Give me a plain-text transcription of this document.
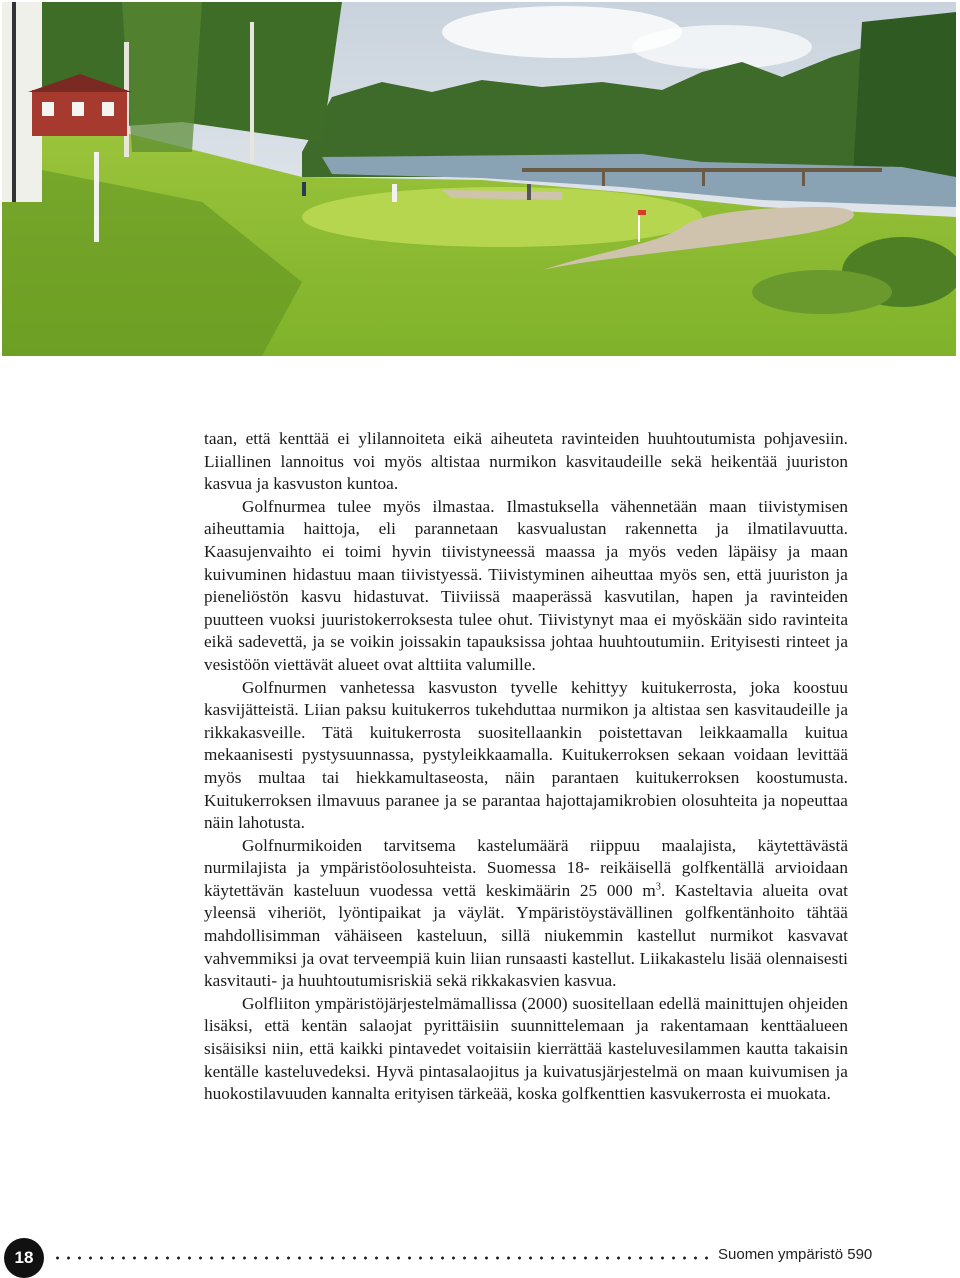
taan, että kenttää ei ylilannoiteta eikä aiheuteta ravinteiden huuhtoutumista pohjavesiin. Liiallinen lannoitus voi myös altistaa nurmikon kasvitaudeille sekä heikentää juuriston kasvua ja kasvuston kuntoa.

Golfnurmea tulee myös ilmastaa. Ilmastuksella vähennetään maan tiivistymisen aiheuttamia haittoja, eli parannetaan kasvualustan rakennetta ja ilmatilavuutta. Kaasujenvaihto ei toimi hyvin tiivistyneessä maassa ja myös veden läpäisy ja maan kuivuminen hidastuu maan tiivistyessä. Tiivistyminen aiheuttaa myös sen, että juuriston ja pieneliöstön kasvu hidastuvat. Tiiviissä maaperässä kasvutilan, hapen ja ravinteiden puutteen vuoksi juuristokerroksesta tulee ohut. Tiivistynyt maa ei myöskään sido ravinteita eikä sadevettä, ja se voikin joissakin tapauksissa johtaa huuhtoutumiin. Erityisesti rinteet ja vesistöön viettävät alueet ovat alttiita valumille.

Golfnurmen vanhetessa kasvuston tyvelle kehittyy kuitukerrosta, joka koostuu kasvijätteistä. Liian paksu kuitukerros tukehduttaa nurmikon ja altistaa sen kasvitaudeille ja rikkakasveille. Tätä kuitukerrosta suositellaankin poistettavan leikkaamalla kuitua mekaanisesti pystysuunnassa, pystyleikkaamalla. Kuitukerroksen sekaan voidaan levittää myös multaa tai hiekkamultaseosta, näin parantaen kuitukerroksen koostumusta. Kuitukerroksen ilmavuus paranee ja se parantaa hajottajamikrobien olosuhteita ja nopeuttaa näin lahotusta.

Golfnurmikoiden tarvitsema kastelumäärä riippuu maalajista, käytettävästä nurmilajista ja ympäristöolosuhteista. Suomessa 18- reikäisellä golfkentällä arvioidaan käytettävän kasteluun vuodessa vettä keskimäärin 25 000 $m^3$. Kasteltavia alueita ovat yleensä viheriöt, lyöntipaikat ja väylät. Ympäristöystävällinen golfkentänhoito tähtää mahdollisimman vähäiseen kasteluun, sillä niukemmin kastellut nurmikot kasvavat vahvemmiksi ja ovat terveempiä kuin liian runsaasti kastellut. Liikakastelu lisää olennaisesti kasvitauti- ja huuhtoutumisriskiä sekä rikkakasvien kasvua.

Golfliiton ympäristöjärjestelmämallissa (2000) suositellaan edellä mainittujen ohjeiden lisäksi, että kentän salaojat pyrittäisiin suunnittelemaan ja rakentamaan kenttäalueen sisäisiksi niin, että kaikki pintavedet voitaisiin kierrättää kasteluvesilammen kautta takaisin kentälle kasteluvedeksi. Hyvä pintasalaojitus ja kuivatusjärjestelmä on maan kuivumisen ja huokostilavuuden kannalta erityisen tärkeää, koska golfkenttien kasvukerrosta ei muokata.

18	Suomen ympäristö 590
